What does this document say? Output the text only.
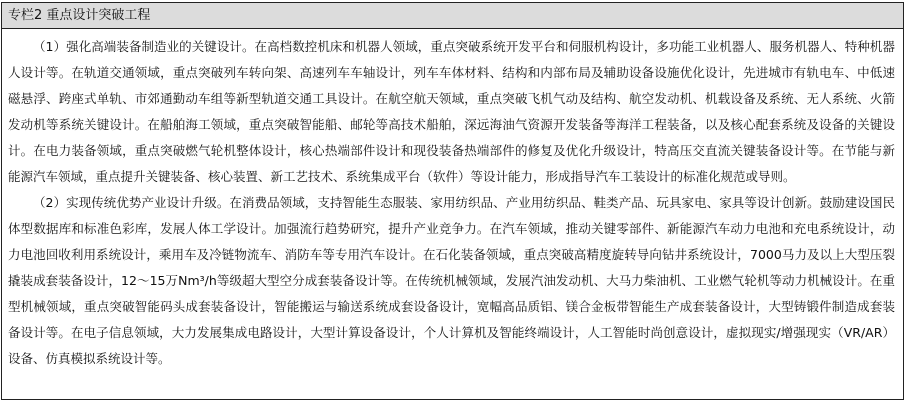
专栏2 重点设计突破工程

（1）强化高端装备制造业的关键设计。在高档数控机床和机器人领域，重点突破系统开发平台和伺服机构设计，多功能工业机器人、服务机器人、特种机器人设计等。在轨道交通领域，重点突破列车转向架、高速列车车轴设计，列车车体材料、结构和内部布局及辅助设备设施优化设计，先进城市有轨电车、中低速磁悬浮、跨座式单轨、市郊通勤动车组等新型轨道交通工具设计。在航空航天领域，重点突破飞机气动及结构、航空发动机、机载设备及系统、无人系统、火箭发动机等系统关键设计。在船舶海工领域，重点突破智能船、邮轮等高技术船舶，深远海油气资源开发装备等海洋工程装备，以及核心配套系统及设备的关键设计。在电力装备领域，重点突破燃气轮机整体设计，核心热端部件设计和现役装备热端部件的修复及优化升级设计，特高压交直流关键装备设计等。在节能与新能源汽车领域，重点提升关键装备、核心装置、新工艺技术、系统集成平台（软件）等设计能力，形成指导汽车工装设计的标准化规范或导则。

（2）实现传统优势产业设计升级。在消费品领域，支持智能生态服装、家用纺织品、产业用纺织品、鞋类产品、玩具家电、家具等设计创新。鼓励建设国民体型数据库和标准色彩库，发展人体工学设计。加强流行趋势研究，提升产业竞争力。在汽车领域，推动关键零部件、新能源汽车动力电池和充电系统设计，动力电池回收利用系统设计，乘用车及冷链物流车、消防车等专用汽车设计。在石化装备领域，重点突破高精度旋转导向钻井系统设计，7000马力及以上大型压裂撬装成套装备设计，12～15万Nm³/h等级超大型空分成套装备设计等。在传统机械领域，发展汽油发动机、大马力柴油机、工业燃气轮机等动力机械设计。在重型机械领域，重点突破智能码头成套装备设计，智能搬运与输送系统成套设备设计，宽幅高品质铝、镁合金板带智能生产成套装备设计，大型铸锻件制造成套装备设计等。在电子信息领域，大力发展集成电路设计，大型计算设备设计，个人计算机及智能终端设计，人工智能时尚创意设计，虚拟现实/增强现实（VR/AR）设备、仿真模拟系统设计等。
